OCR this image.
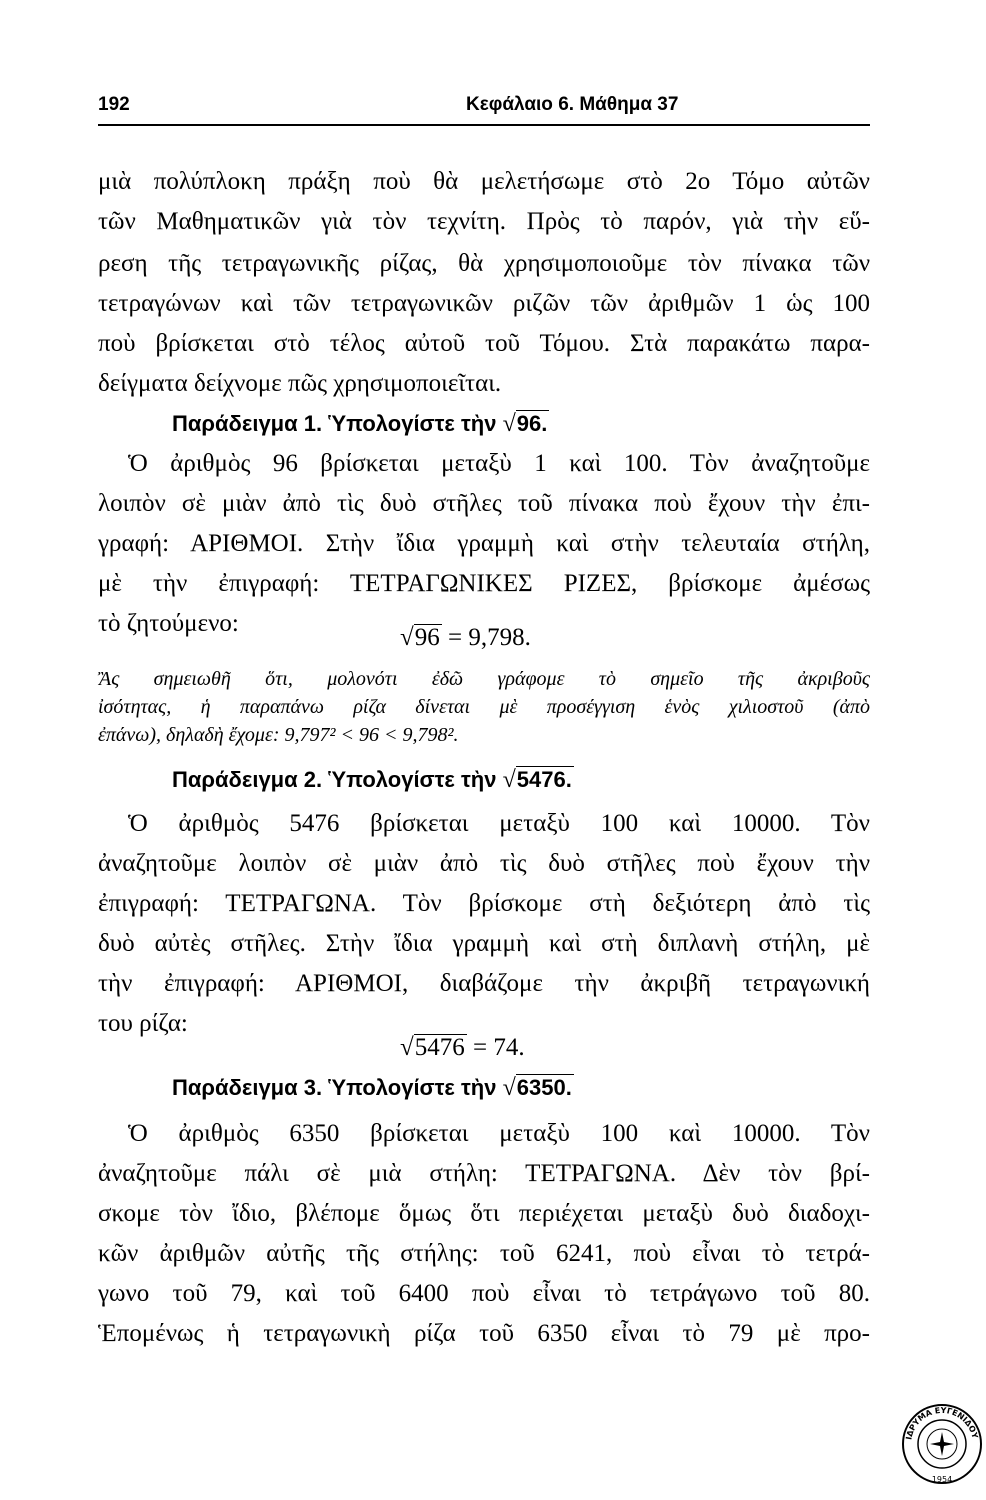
192	Κεφάλαιο 6. Μάθημα 37
μιὰ πολύπλοκη πράξη ποὺ θὰ μελετήσωμε στὸ 2ο Τόμο αὐτῶν
τῶν Μαθηματικῶν γιὰ τὸν τεχνίτη. Πρὸς τὸ παρόν, γιὰ τὴν εὕ-
ρεση τῆς τετραγωνικῆς ρίζας, θὰ χρησιμοποιοῦμε τὸν πίνακα τῶν
τετραγώνων καὶ τῶν τετραγωνικῶν ριζῶν τῶν ἀριθμῶν 1 ὡς 100
ποὺ βρίσκεται στὸ τέλος αὐτοῦ τοῦ Τόμου. Στὰ παρακάτω παρα-
δείγματα δείχνομε πῶς χρησιμοποιεῖται.
Παράδειγμα 1. Ὑπολογίστε τὴν √96.
Ὁ ἀριθμὸς 96 βρίσκεται μεταξὺ 1 καὶ 100. Τὸν ἀναζητοῦμε
λοιπὸν σὲ μιὰν ἀπὸ τὶς δυὸ στῆλες τοῦ πίνακα ποὺ ἔχουν τὴν ἐπι-
γραφή: ΑΡΙΘΜΟΙ. Στὴν ἴδια γραμμὴ καὶ στὴν τελευταία στήλη,
μὲ τὴν ἐπιγραφή: ΤΕΤΡΑΓΩΝΙΚΕΣ ΡΙΖΕΣ, βρίσκομε ἀμέσως
τὸ ζητούμενο:
√96 = 9,798.
Ἂς σημειωθῆ ὅτι, μολονότι ἐδῶ γράφομε τὸ σημεῖο τῆς ἀκριβοῦς
ἰσότητας, ἡ παραπάνω ρίζα δίνεται μὲ προσέγγιση ἑνὸς χιλιοστοῦ (ἀπὸ
ἐπάνω), δηλαδὴ ἔχομε: 9,797² < 96 < 9,798².
Παράδειγμα 2. Ὑπολογίστε τὴν √5476.
Ὁ ἀριθμὸς 5476 βρίσκεται μεταξὺ 100 καὶ 10000. Τὸν
ἀναζητοῦμε λοιπὸν σὲ μιὰν ἀπὸ τὶς δυὸ στῆλες ποὺ ἔχουν τὴν
ἐπιγραφή: ΤΕΤΡΑΓΩΝΑ. Τὸν βρίσκομε στὴ δεξιότερη ἀπὸ τὶς
δυὸ αὐτὲς στῆλες. Στὴν ἴδια γραμμὴ καὶ στὴ διπλανὴ στήλη, μὲ
τὴν ἐπιγραφή: ΑΡΙΘΜΟΙ, διαβάζομε τὴν ἀκριβῆ τετραγωνική
του ρίζα:
√5476 = 74.
Παράδειγμα 3. Ὑπολογίστε τὴν √6350.
Ὁ ἀριθμὸς 6350 βρίσκεται μεταξὺ 100 καὶ 10000. Τὸν
ἀναζητοῦμε πάλι σὲ μιὰ στήλη: ΤΕΤΡΑΓΩΝΑ. Δὲν τὸν βρί-
σκομε τὸν ἴδιο, βλέπομε ὅμως ὅτι περιέχεται μεταξὺ δυὸ διαδοχι-
κῶν ἀριθμῶν αὐτῆς τῆς στήλης: τοῦ 6241, ποὺ εἶναι τὸ τετρά-
γωνο τοῦ 79, καὶ τοῦ 6400 ποὺ εἶναι τὸ τετράγωνο τοῦ 80.
Ἑπομένως ἡ τετραγωνικὴ ρίζα τοῦ 6350 εἶναι τὸ 79 μὲ προ-
ΙΔΡΥΜΑ ΕΥΓΕΝΙΔΟΥ
1954
